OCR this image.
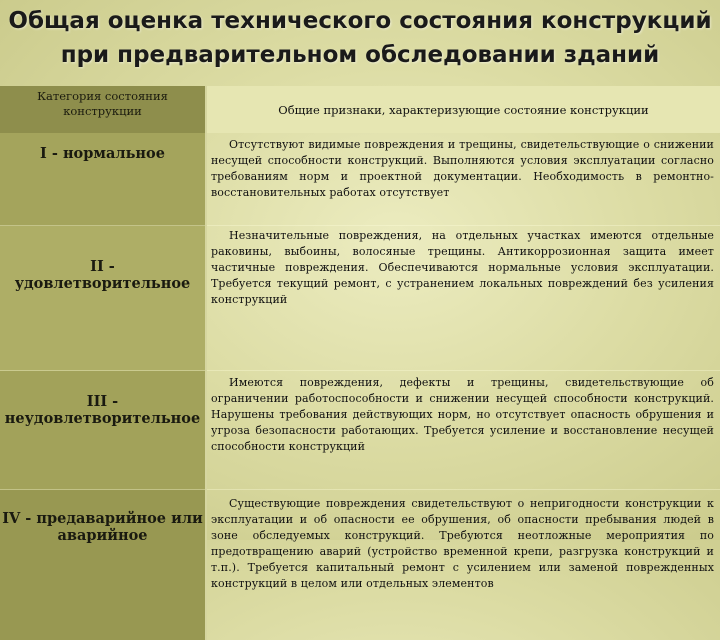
Общая оценка технического состояния конструкций
при предварительном обследовании зданий
Категория состояния конструкции	Общие признаки, характеризующие состояние конструкции
I - нормальное	Отсутствуют видимые повреждения и трещины, свидетельствующие о снижении несущей способности конструкций. Выполняются условия эксплуатации согласно требованиям норм и проектной документации. Необходимость в ремонтно-восстановительных работах отсутствует
II - удовлетворительное	Незначительные повреждения, на отдельных участках имеются отдельные раковины, выбоины, волосяные трещины. Антикоррозионная защита имеет частичные повреждения. Обеспечиваются нормальные условия эксплуатации. Требуется текущий ремонт, с устранением локальных повреждений без усиления конструкций
III - неудовлетворительное	Имеются повреждения, дефекты и трещины, свидетельствующие об ограничении работоспособности и снижении несущей способности конструкций. Нарушены требования действующих норм, но отсутствует опасность обрушения и угроза безопасности работающих. Требуется усиление и восстановление несущей способности конструкций
IV - предаварийное или аварийное	Существующие повреждения свидетельствуют о непригодности конструкции к эксплуатации и об опасности ее обрушения, об опасности пребывания людей в зоне обследуемых конструкций. Требуются неотложные мероприятия по предотвращению аварий (устройство временной крепи, разгрузка конструкций и т.п.). Требуется капитальный ремонт с усилением или заменой поврежденных конструкций в целом или отдельных элементов
